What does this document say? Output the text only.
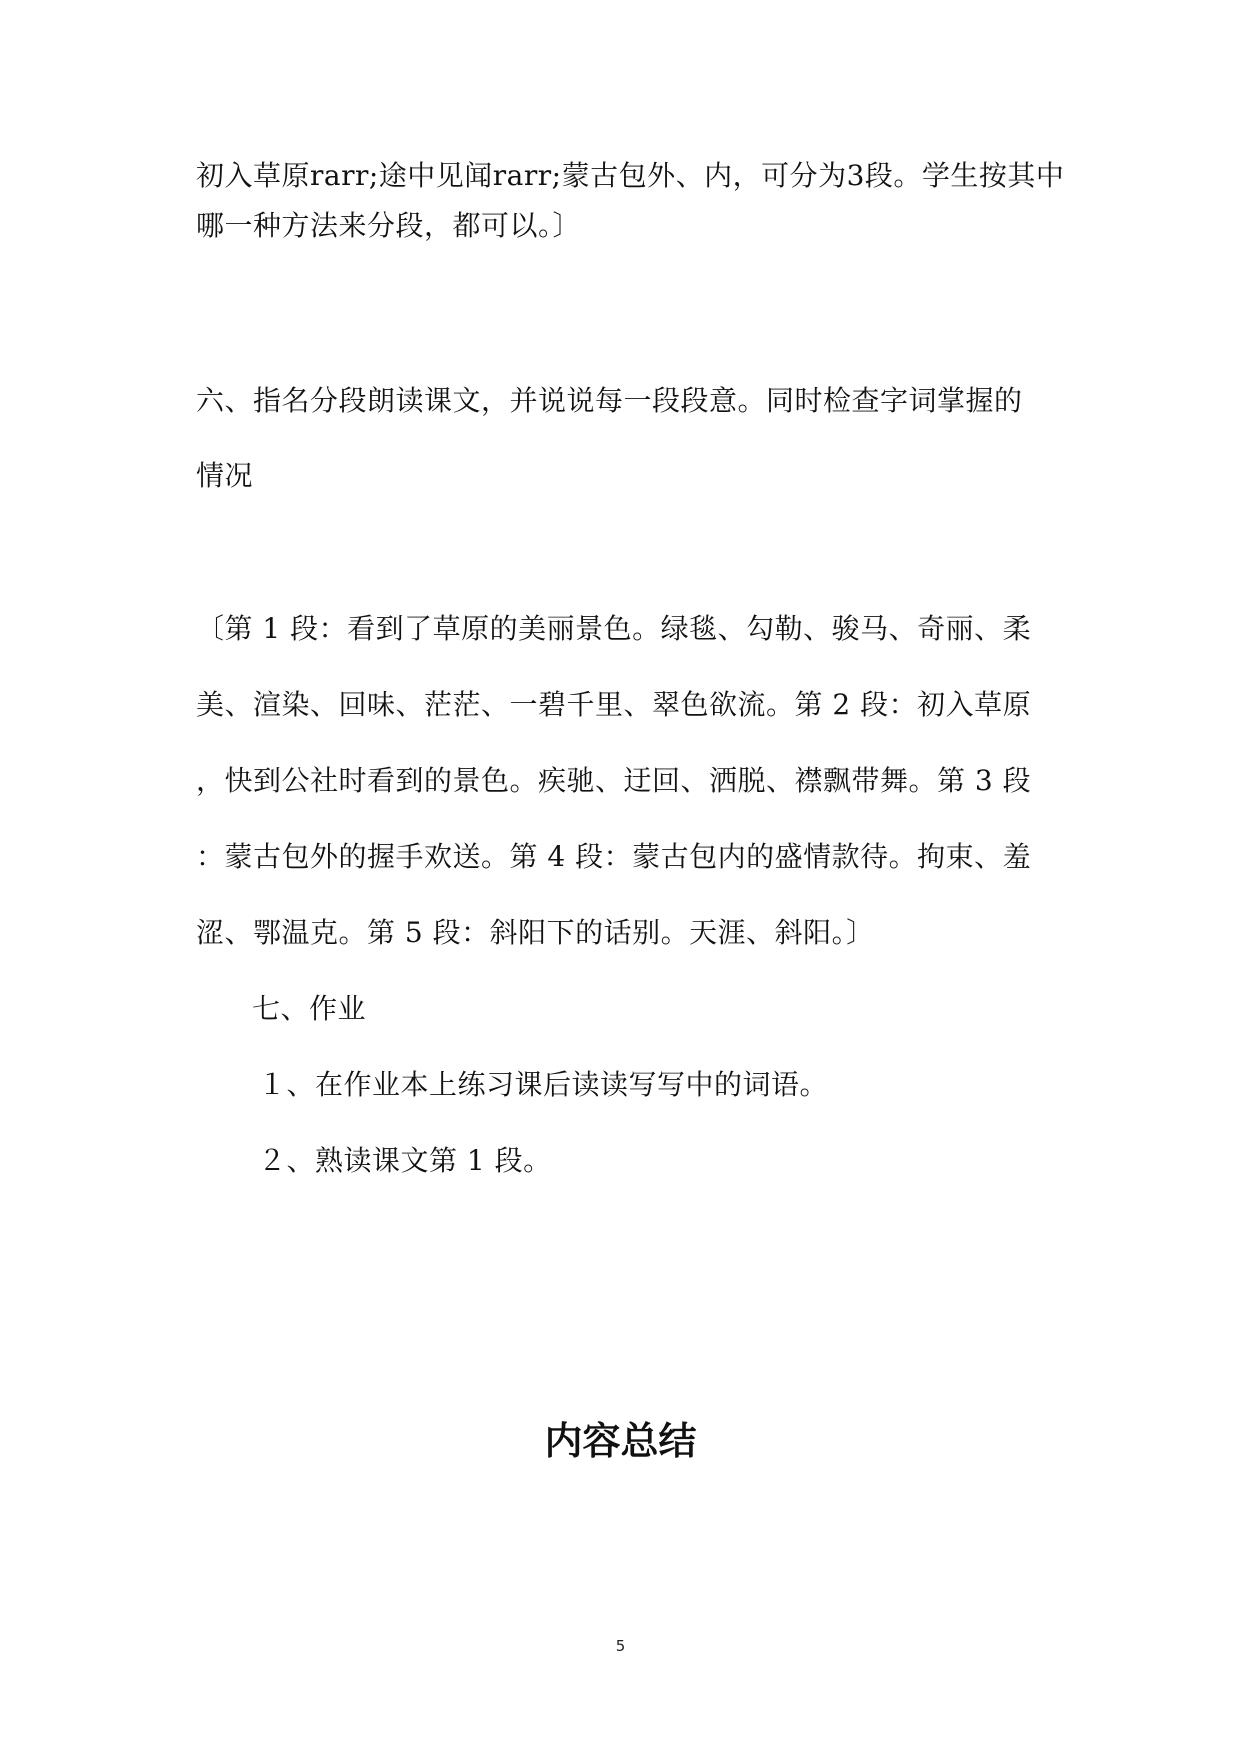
初入草原rarr;途中见闻rarr;蒙古包外、内，可分为3段。学生按其中
哪一种方法来分段，都可以。〕
六、指名分段朗读课文，并说说每一段段意。同时检查字词掌握的
情况
〔第 1 段：看到了草原的美丽景色。绿毯、勾勒、骏马、奇丽、柔
美、渲染、回味、茫茫、一碧千里、翠色欲流。第 2 段：初入草原
，快到公社时看到的景色。疾驰、迂回、洒脱、襟飘带舞。第 3 段
：蒙古包外的握手欢送。第 4 段：蒙古包内的盛情款待。拘束、羞
涩、鄂温克。第 5 段：斜阳下的话别。天涯、斜阳。〕
七、作业
１、在作业本上练习课后读读写写中的词语。
２、熟读课文第 1 段。
内容总结
5
